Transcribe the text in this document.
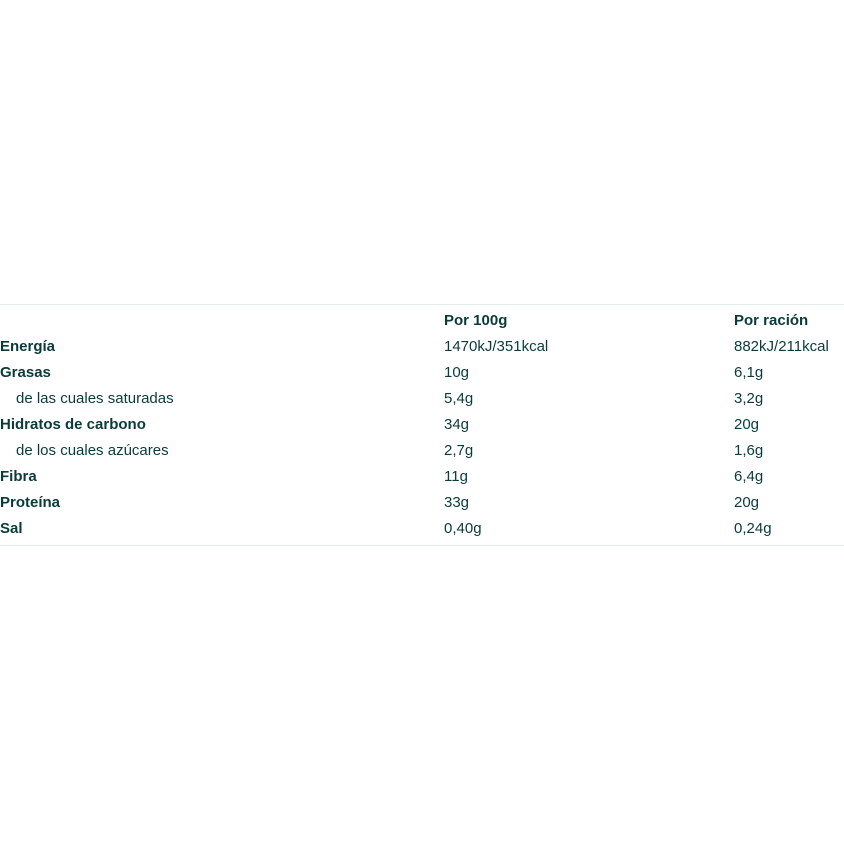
Por 100g	Por ración
Energía	1470kJ/351kcal	882kJ/211kcal
Grasas	10g	6,1g
de las cuales saturadas	5,4g	3,2g
Hidratos de carbono	34g	20g
de los cuales azúcares	2,7g	1,6g
Fibra	11g	6,4g
Proteína	33g	20g
Sal	0,40g	0,24g
